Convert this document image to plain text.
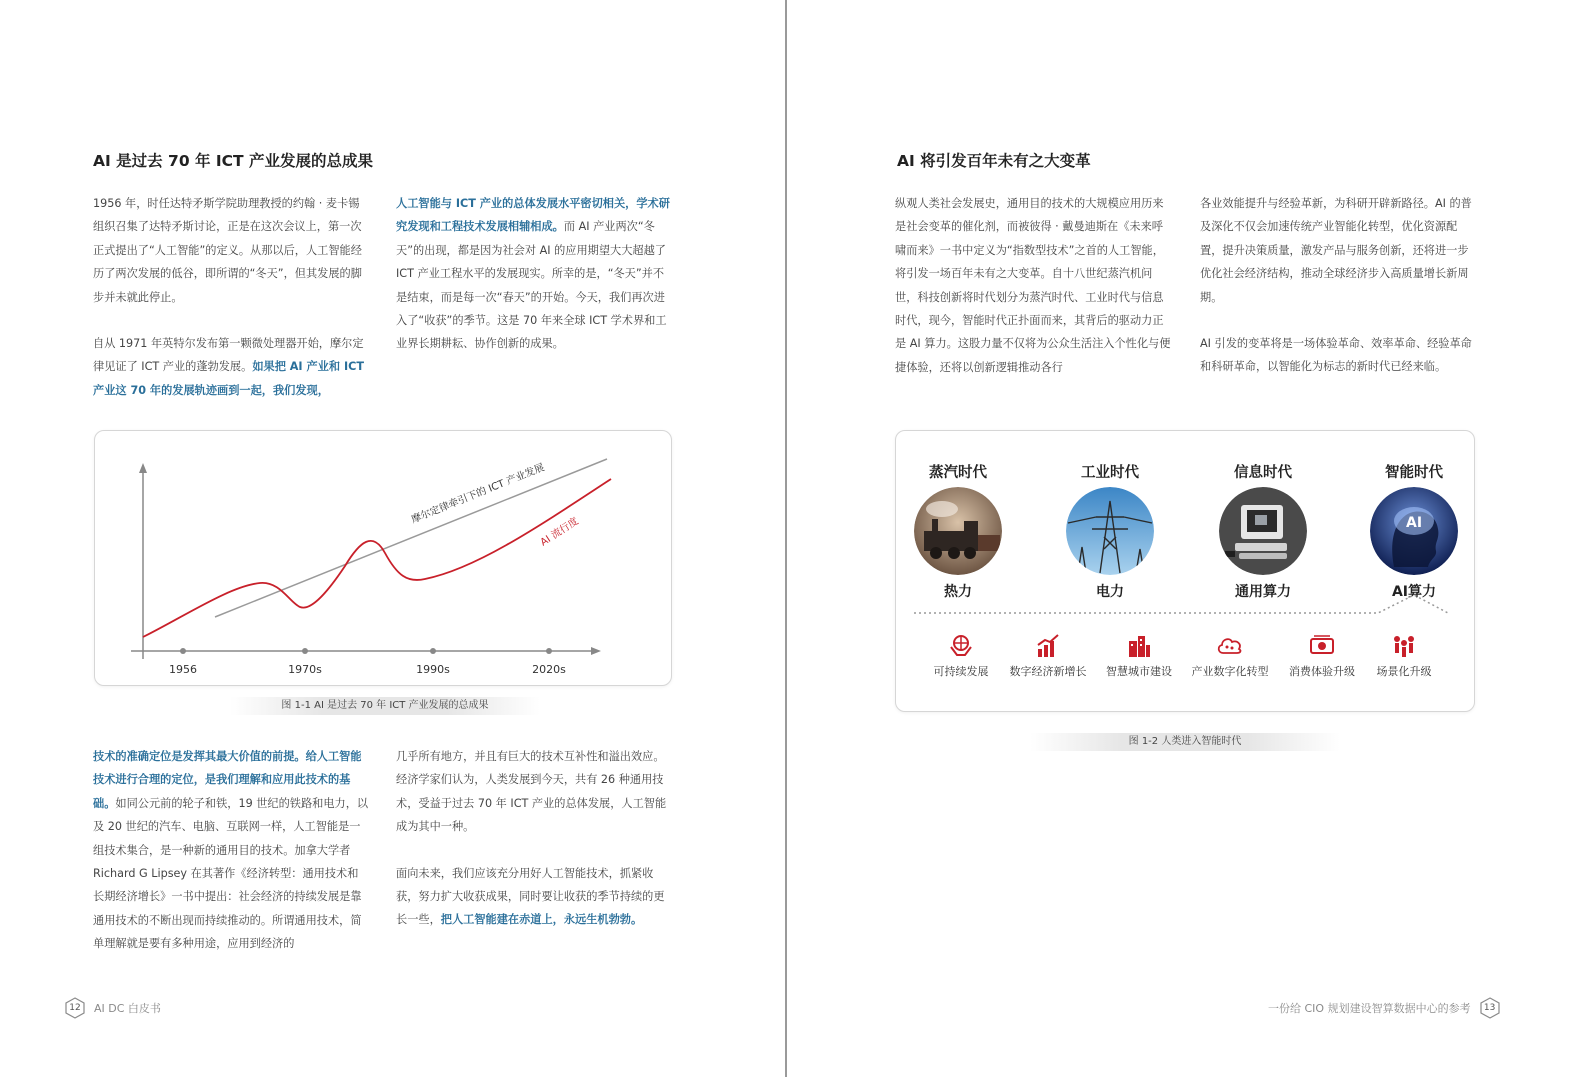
AI 是过去 70 年 ICT 产业发展的总成果

1956 年，时任达特矛斯学院助理教授的约翰 · 麦卡锡组织召集了达特矛斯讨论，正是在这次会议上，第一次正式提出了“人工智能”的定义。从那以后，人工智能经历了两次发展的低谷，即所谓的“冬天”，但其发展的脚步并未就此停止。

自从 1971 年英特尔发布第一颗微处理器开始，摩尔定律见证了 ICT 产业的蓬勃发展。如果把 AI 产业和 ICT 产业这 70 年的发展轨迹画到一起，我们发现，

人工智能与 ICT 产业的总体发展水平密切相关，学术研究发现和工程技术发展相辅相成。而 AI 产业两次“冬天”的出现，都是因为社会对 AI 的应用期望大大超越了 ICT 产业工程水平的发展现实。所幸的是，“冬天”并不是结束，而是每一次“春天”的开始。今天，我们再次进入了“收获”的季节。这是 70 年来全球 ICT 学术界和工业界长期耕耘、协作创新的成果。

摩尔定律牵引下的 ICT 产业发展
AI 流行度
1956	1970s	1990s	2020s
图 1-1 AI 是过去 70 年 ICT 产业发展的总成果

技术的准确定位是发挥其最大价值的前提。给人工智能技术进行合理的定位，是我们理解和应用此技术的基础。如同公元前的轮子和铁，19 世纪的铁路和电力，以及 20 世纪的汽车、电脑、互联网一样，人工智能是一组技术集合，是一种新的通用目的技术。加拿大学者 Richard G Lipsey 在其著作《经济转型：通用技术和长期经济增长》一书中提出：社会经济的持续发展是靠通用技术的不断出现而持续推动的。所谓通用技术，简单理解就是要有多种用途，应用到经济的

几乎所有地方，并且有巨大的技术互补性和溢出效应。经济学家们认为，人类发展到今天，共有 26 种通用技术，受益于过去 70 年 ICT 产业的总体发展，人工智能成为其中一种。

面向未来，我们应该充分用好人工智能技术，抓紧收获，努力扩大收获成果，同时要让收获的季节持续的更长一些，把人工智能建在赤道上，永远生机勃勃。

12 AI DC 白皮书
AI 将引发百年未有之大变革

纵观人类社会发展史，通用目的技术的大规模应用历来是社会变革的催化剂，而被彼得 · 戴曼迪斯在《未来呼啸而来》一书中定义为“指数型技术”之首的人工智能，将引发一场百年未有之大变革。自十八世纪蒸汽机问世，科技创新将时代划分为蒸汽时代、工业时代与信息时代，现今，智能时代正扑面而来，其背后的驱动力正是 AI 算力。这股力量不仅将为公众生活注入个性化与便捷体验，还将以创新逻辑推动各行

各业效能提升与经验革新，为科研开辟新路径。AI 的普及深化不仅会加速传统产业智能化转型，优化资源配置，提升决策质量，激发产品与服务创新，还将进一步优化社会经济结构，推动全球经济步入高质量增长新周期。

AI 引发的变革将是一场体验革命、效率革命、经验革命和科研革命，以智能化为标志的新时代已经来临。

蒸汽时代
热力
工业时代
电力
信息时代
通用算力
智能时代
AI
AI算力
可持续发展	数字经济新增长	智慧城市建设	产业数字化转型	消费体验升级	场景化升级
图 1-2 人类进入智能时代
一份给 CIO 规划建设智算数据中心的参考 13
